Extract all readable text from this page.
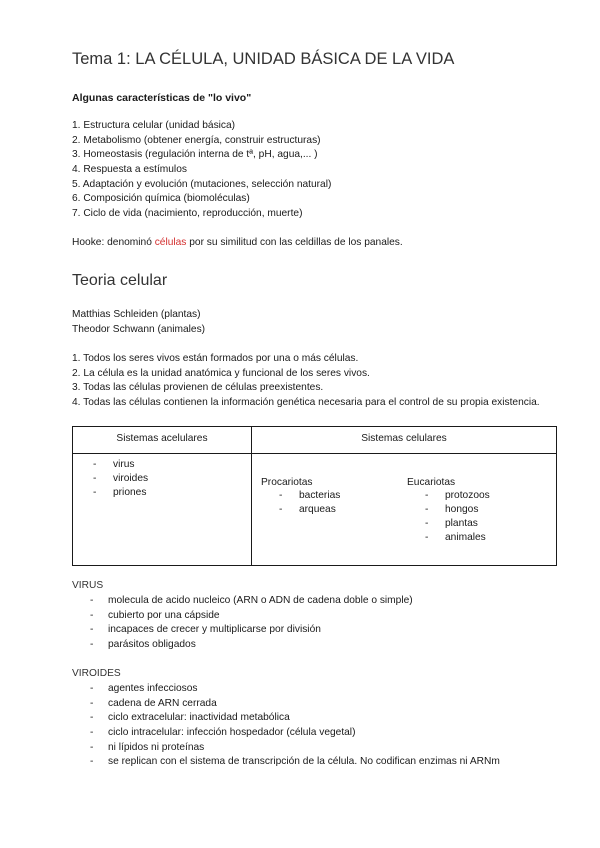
Tema 1: LA CÉLULA, UNIDAD BÁSICA DE LA VIDA
Algunas características de "lo vivo"
1. Estructura celular (unidad básica)
2. Metabolismo (obtener energía, construir estructuras)
3. Homeostasis (regulación interna de tª, pH, agua,... )
4. Respuesta a estímulos
5. Adaptación y evolución (mutaciones, selección natural)
6. Composición química (biomoléculas)
7. Ciclo de vida (nacimiento, reproducción, muerte)
Hooke: denominó células por su similitud con las celdillas de los panales.
Teoria celular
Matthias Schleiden (plantas)
Theodor Schwann (animales)
1. Todos los seres vivos están formados por una o más células.
2. La célula es la unidad anatómica y funcional de los seres vivos.
3. Todas las células provienen de células preexistentes.
4. Todas las células contienen la información genética necesaria para el control de su propia existencia.
Sistemas acelulares	Sistemas celulares
- virus
- viroides
- priones
Procariotas
- bacterias
- arqueas
Eucariotas
- protozoos
- hongos
- plantas
- animales
VIRUS
- molecula de acido nucleico (ARN o ADN de cadena doble o simple)
- cubierto por una cápside
- incapaces de crecer y multiplicarse por división
- parásitos obligados
VIROIDES
- agentes infecciosos
- cadena de ARN cerrada
- ciclo extracelular: inactividad metabólica
- ciclo intracelular: infección hospedador (célula vegetal)
- ni lípidos ni proteínas
- se replican con el sistema de transcripción de la célula. No codifican enzimas ni ARNm
